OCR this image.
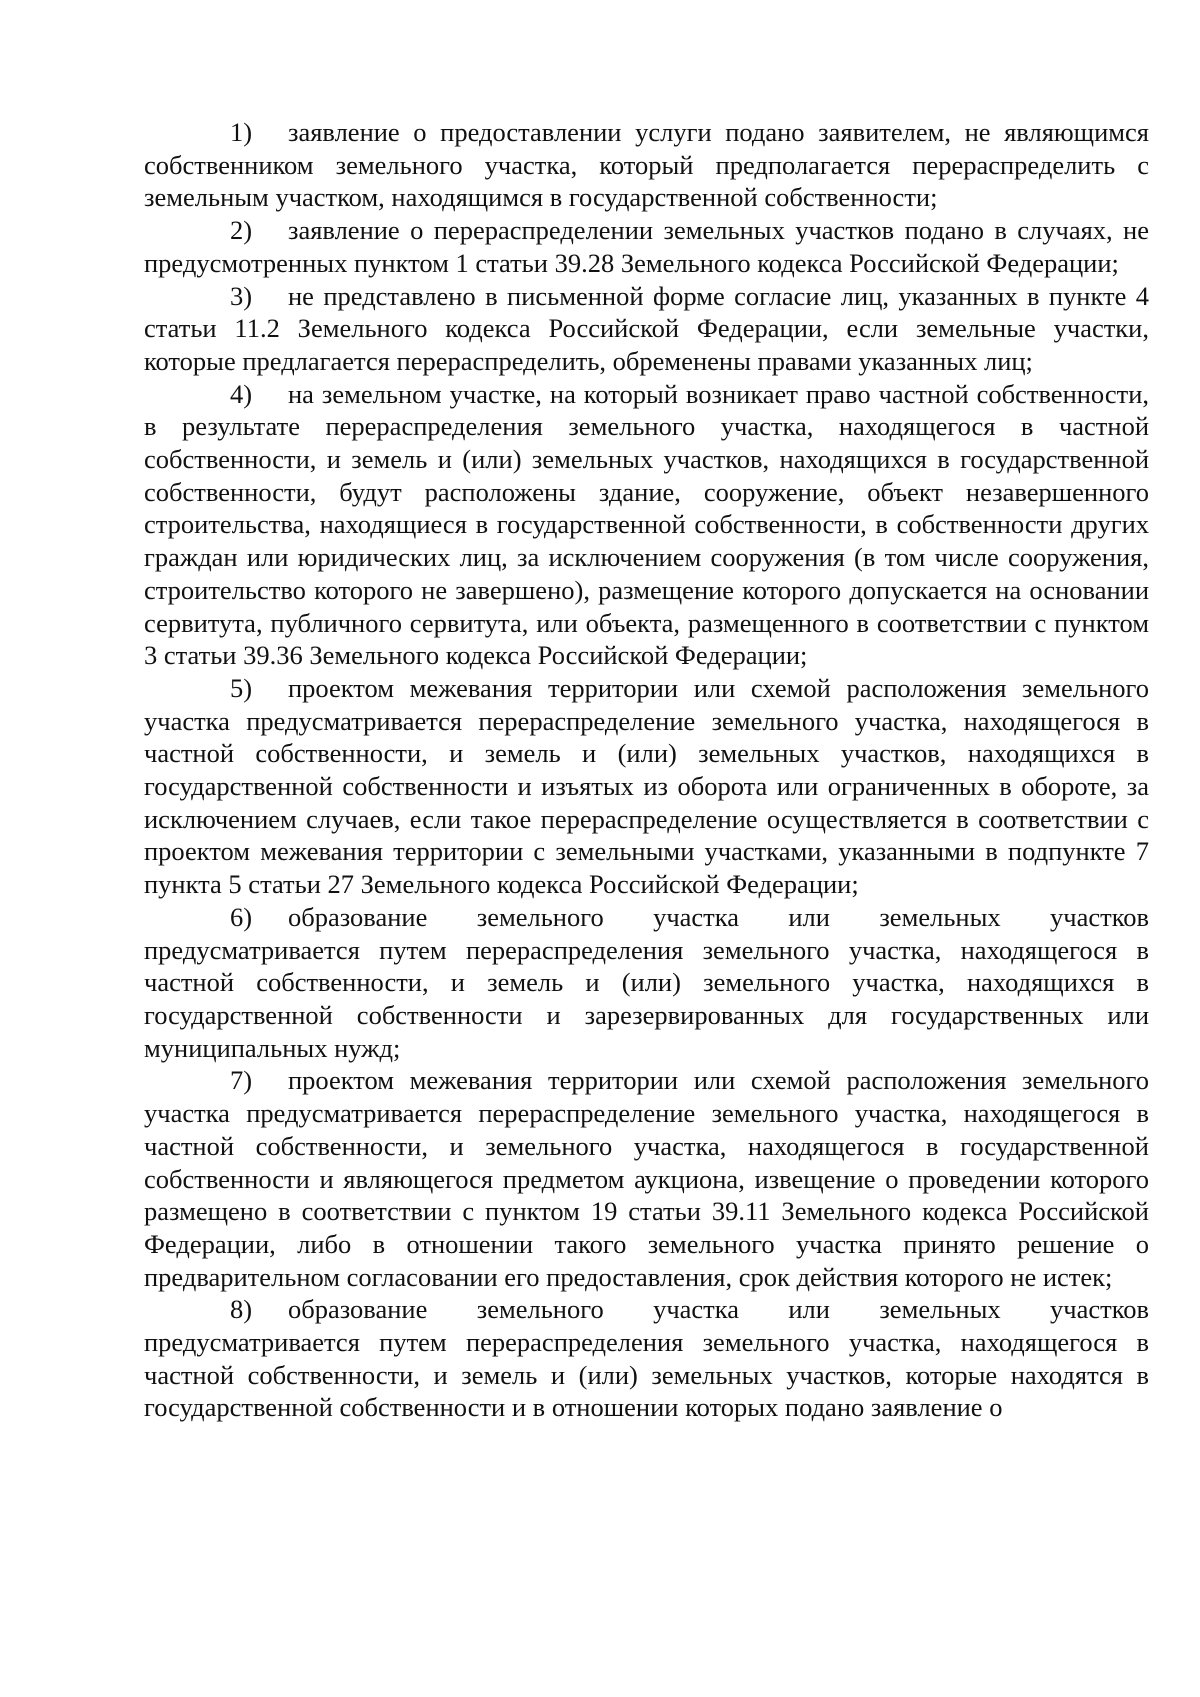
1) заявление о предоставлении услуги подано заявителем, не являющимся собственником земельного участка, который предполагается перераспределить с земельным участком, находящимся в государственной собственности;

2) заявление о перераспределении земельных участков подано в случаях, не предусмотренных пунктом 1 статьи 39.28 Земельного кодекса Российской Федерации;

3) не представлено в письменной форме согласие лиц, указанных в пункте 4 статьи 11.2 Земельного кодекса Российской Федерации, если земельные участки, которые предлагается перераспределить, обременены правами указанных лиц;

4) на земельном участке, на который возникает право частной собственности, в результате перераспределения земельного участка, находящегося в частной собственности, и земель и (или) земельных участков, находящихся в государственной собственности, будут расположены здание, сооружение, объект незавершенного строительства, находящиеся в государственной собственности, в собственности других граждан или юридических лиц, за исключением сооружения (в том числе сооружения, строительство которого не завершено), размещение которого допускается на основании сервитута, публичного сервитута, или объекта, размещенного в соответствии с пунктом 3 статьи 39.36 Земельного кодекса Российской Федерации;

5) проектом межевания территории или схемой расположения земельного участка предусматривается перераспределение земельного участка, находящегося в частной собственности, и земель и (или) земельных участков, находящихся в государственной собственности и изъятых из оборота или ограниченных в обороте, за исключением случаев, если такое перераспределение осуществляется в соответствии с проектом межевания территории с земельными участками, указанными в подпункте 7 пункта 5 статьи 27 Земельного кодекса Российской Федерации;

6) образование земельного участка или земельных участков предусматривается путем перераспределения земельного участка, находящегося в частной собственности, и земель и (или) земельного участка, находящихся в государственной собственности и зарезервированных для государственных или муниципальных нужд;

7) проектом межевания территории или схемой расположения земельного участка предусматривается перераспределение земельного участка, находящегося в частной собственности, и земельного участка, находящегося в государственной собственности и являющегося предметом аукциона, извещение о проведении которого размещено в соответствии с пунктом 19 статьи 39.11 Земельного кодекса Российской Федерации, либо в отношении такого земельного участка принято решение о предварительном согласовании его предоставления, срок действия которого не истек;

8) образование земельного участка или земельных участков предусматривается путем перераспределения земельного участка, находящегося в частной собственности, и земель и (или) земельных участков, которые находятся в государственной собственности и в отношении которых подано заявление о
